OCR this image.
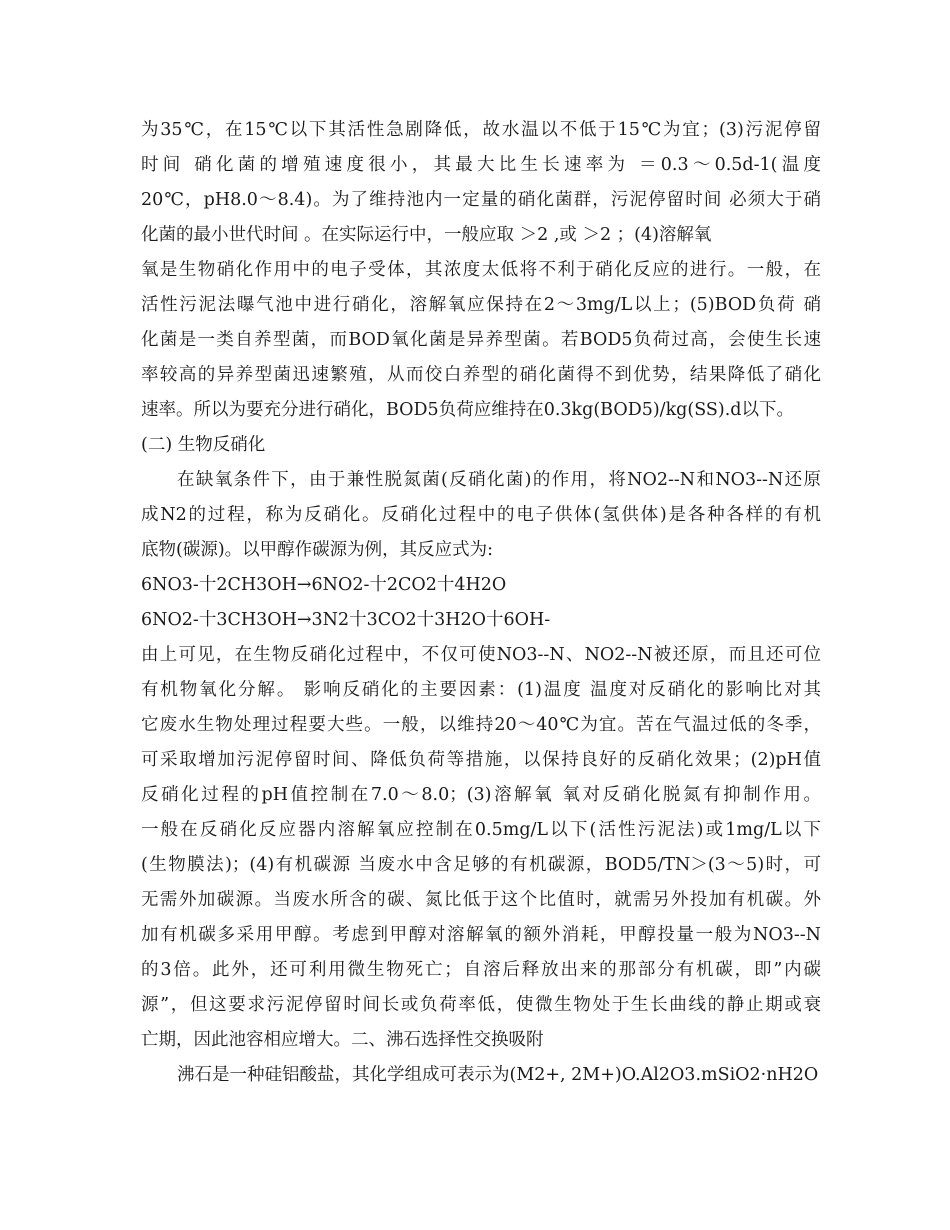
为35℃，在15℃以下其活性急剧降低，故水温以不低于15℃为宜；(3)污泥停留
时间 硝化菌的增殖速度很小，其最大比生长速率为 ＝0.3～0.5d-1(温度
20℃，pH8.0～8.4)。为了维持池内一定量的硝化菌群，污泥停留时间 必须大于硝
化菌的最小世代时间 。在实际运行中，一般应取 ＞2 ,或 ＞2 ；(4)溶解氧
氧是生物硝化作用中的电子受体，其浓度太低将不利于硝化反应的进行。一般，在
活性污泥法曝气池中进行硝化，溶解氧应保持在2～3mg/L以上；(5)BOD负荷 硝
化菌是一类自养型菌，而BOD氧化菌是异养型菌。若BOD5负荷过高，会使生长速
率较高的异养型菌迅速繁殖，从而佼白养型的硝化菌得不到优势，结果降低了硝化
速率。所以为要充分进行硝化，BOD5负荷应维持在0.3kg(BOD5)/kg(SS).d以下。
(二) 生物反硝化
在缺氧条件下，由于兼性脱氮菌(反硝化菌)的作用，将NO2--N和NO3--N还原
成N2的过程，称为反硝化。反硝化过程中的电子供体(氢供体)是各种各样的有机
底物(碳源)。以甲醇作碳源为例，其反应式为:
6NO3-十2CH3OH→6NO2-十2CO2十4H2O
6NO2-十3CH3OH→3N2十3CO2十3H2O十6OH-
由上可见，在生物反硝化过程中，不仅可使NO3--N、NO2--N被还原，而且还可位
有机物氧化分解。 影响反硝化的主要因素：(1)温度 温度对反硝化的影响比对其
它废水生物处理过程要大些。一般，以维持20～40℃为宜。苦在气温过低的冬季，
可采取增加污泥停留时间、降低负荷等措施，以保持良好的反硝化效果；(2)pH值
反硝化过程的pH值控制在7.0～8.0；(3)溶解氧 氧对反硝化脱氮有抑制作用。
一般在反硝化反应器内溶解氧应控制在0.5mg/L以下(活性污泥法)或1mg/L以下
(生物膜法)；(4)有机碳源 当废水中含足够的有机碳源，BOD5/TN＞(3～5)时，可
无需外加碳源。当废水所含的碳、氮比低于这个比值时，就需另外投加有机碳。外
加有机碳多采用甲醇。考虑到甲醇对溶解氧的额外消耗，甲醇投量一般为NO3--N
的3倍。此外，还可利用微生物死亡；自溶后释放出来的那部分有机碳，即”内碳
源”，但这要求污泥停留时间长或负荷率低，使微生物处于生长曲线的静止期或衰
亡期，因此池容相应增大。二、沸石选择性交换吸附
沸石是一种硅铝酸盐，其化学组成可表示为(M2+, 2M+)O.Al2O3.mSiO2·nH2O
